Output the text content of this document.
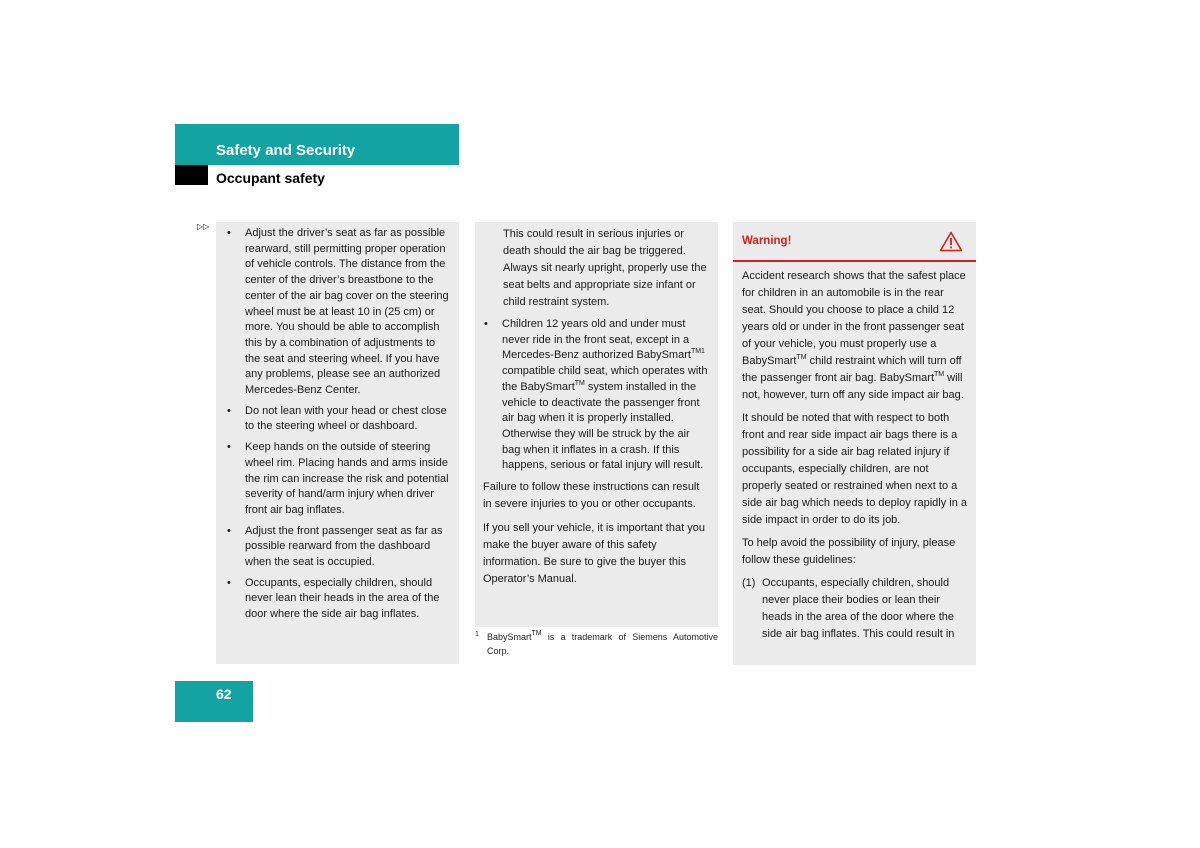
Safety and Security
Occupant safety
▷▷
• Adjust the driver’s seat as far as possible rearward, still permitting proper operation of vehicle controls. The distance from the center of the driver’s breastbone to the center of the air bag cover on the steering wheel must be at least 10 in (25 cm) or more. You should be able to accomplish this by a combination of adjustments to the seat and steering wheel. If you have any problems, please see an authorized Mercedes-Benz Center.
• Do not lean with your head or chest close to the steering wheel or dashboard.
• Keep hands on the outside of steering wheel rim. Placing hands and arms inside the rim can increase the risk and potential severity of hand/arm injury when driver front air bag inflates.
• Adjust the front passenger seat as far as possible rearward from the dashboard when the seat is occupied.
• Occupants, especially children, should never lean their heads in the area of the door where the side air bag inflates.

This could result in serious injuries or death should the air bag be triggered. Always sit nearly upright, properly use the seat belts and appropriate size infant or child restraint system.

• Children 12 years old and under must never ride in the front seat, except in a Mercedes-Benz authorized BabySmart$^{TM1}$ compatible child seat, which operates with the BabySmart™ system installed in the vehicle to deactivate the passenger front air bag when it is properly installed. Otherwise they will be struck by the air bag when it inflates in a crash. If this happens, serious or fatal injury will result.

Failure to follow these instructions can result in severe injuries to you or other occupants.

If you sell your vehicle, it is important that you make the buyer aware of this safety information. Be sure to give the buyer this Operator’s Manual.

1 BabySmart™ is a trademark of Siemens Automotive Corp.
Warning!

Accident research shows that the safest place for children in an automobile is in the rear seat. Should you choose to place a child 12 years old or under in the front passenger seat of your vehicle, you must properly use a BabySmart™ child restraint which will turn off the passenger front air bag. BabySmart™ will not, however, turn off any side impact air bag.

It should be noted that with respect to both front and rear side impact air bags there is a possibility for a side air bag related injury if occupants, especially children, are not properly seated or restrained when next to a side air bag which needs to deploy rapidly in a side impact in order to do its job.

To help avoid the possibility of injury, please follow these guidelines:

(1) Occupants, especially children, should never place their bodies or lean their heads in the area of the door where the side air bag inflates. This could result in
62
